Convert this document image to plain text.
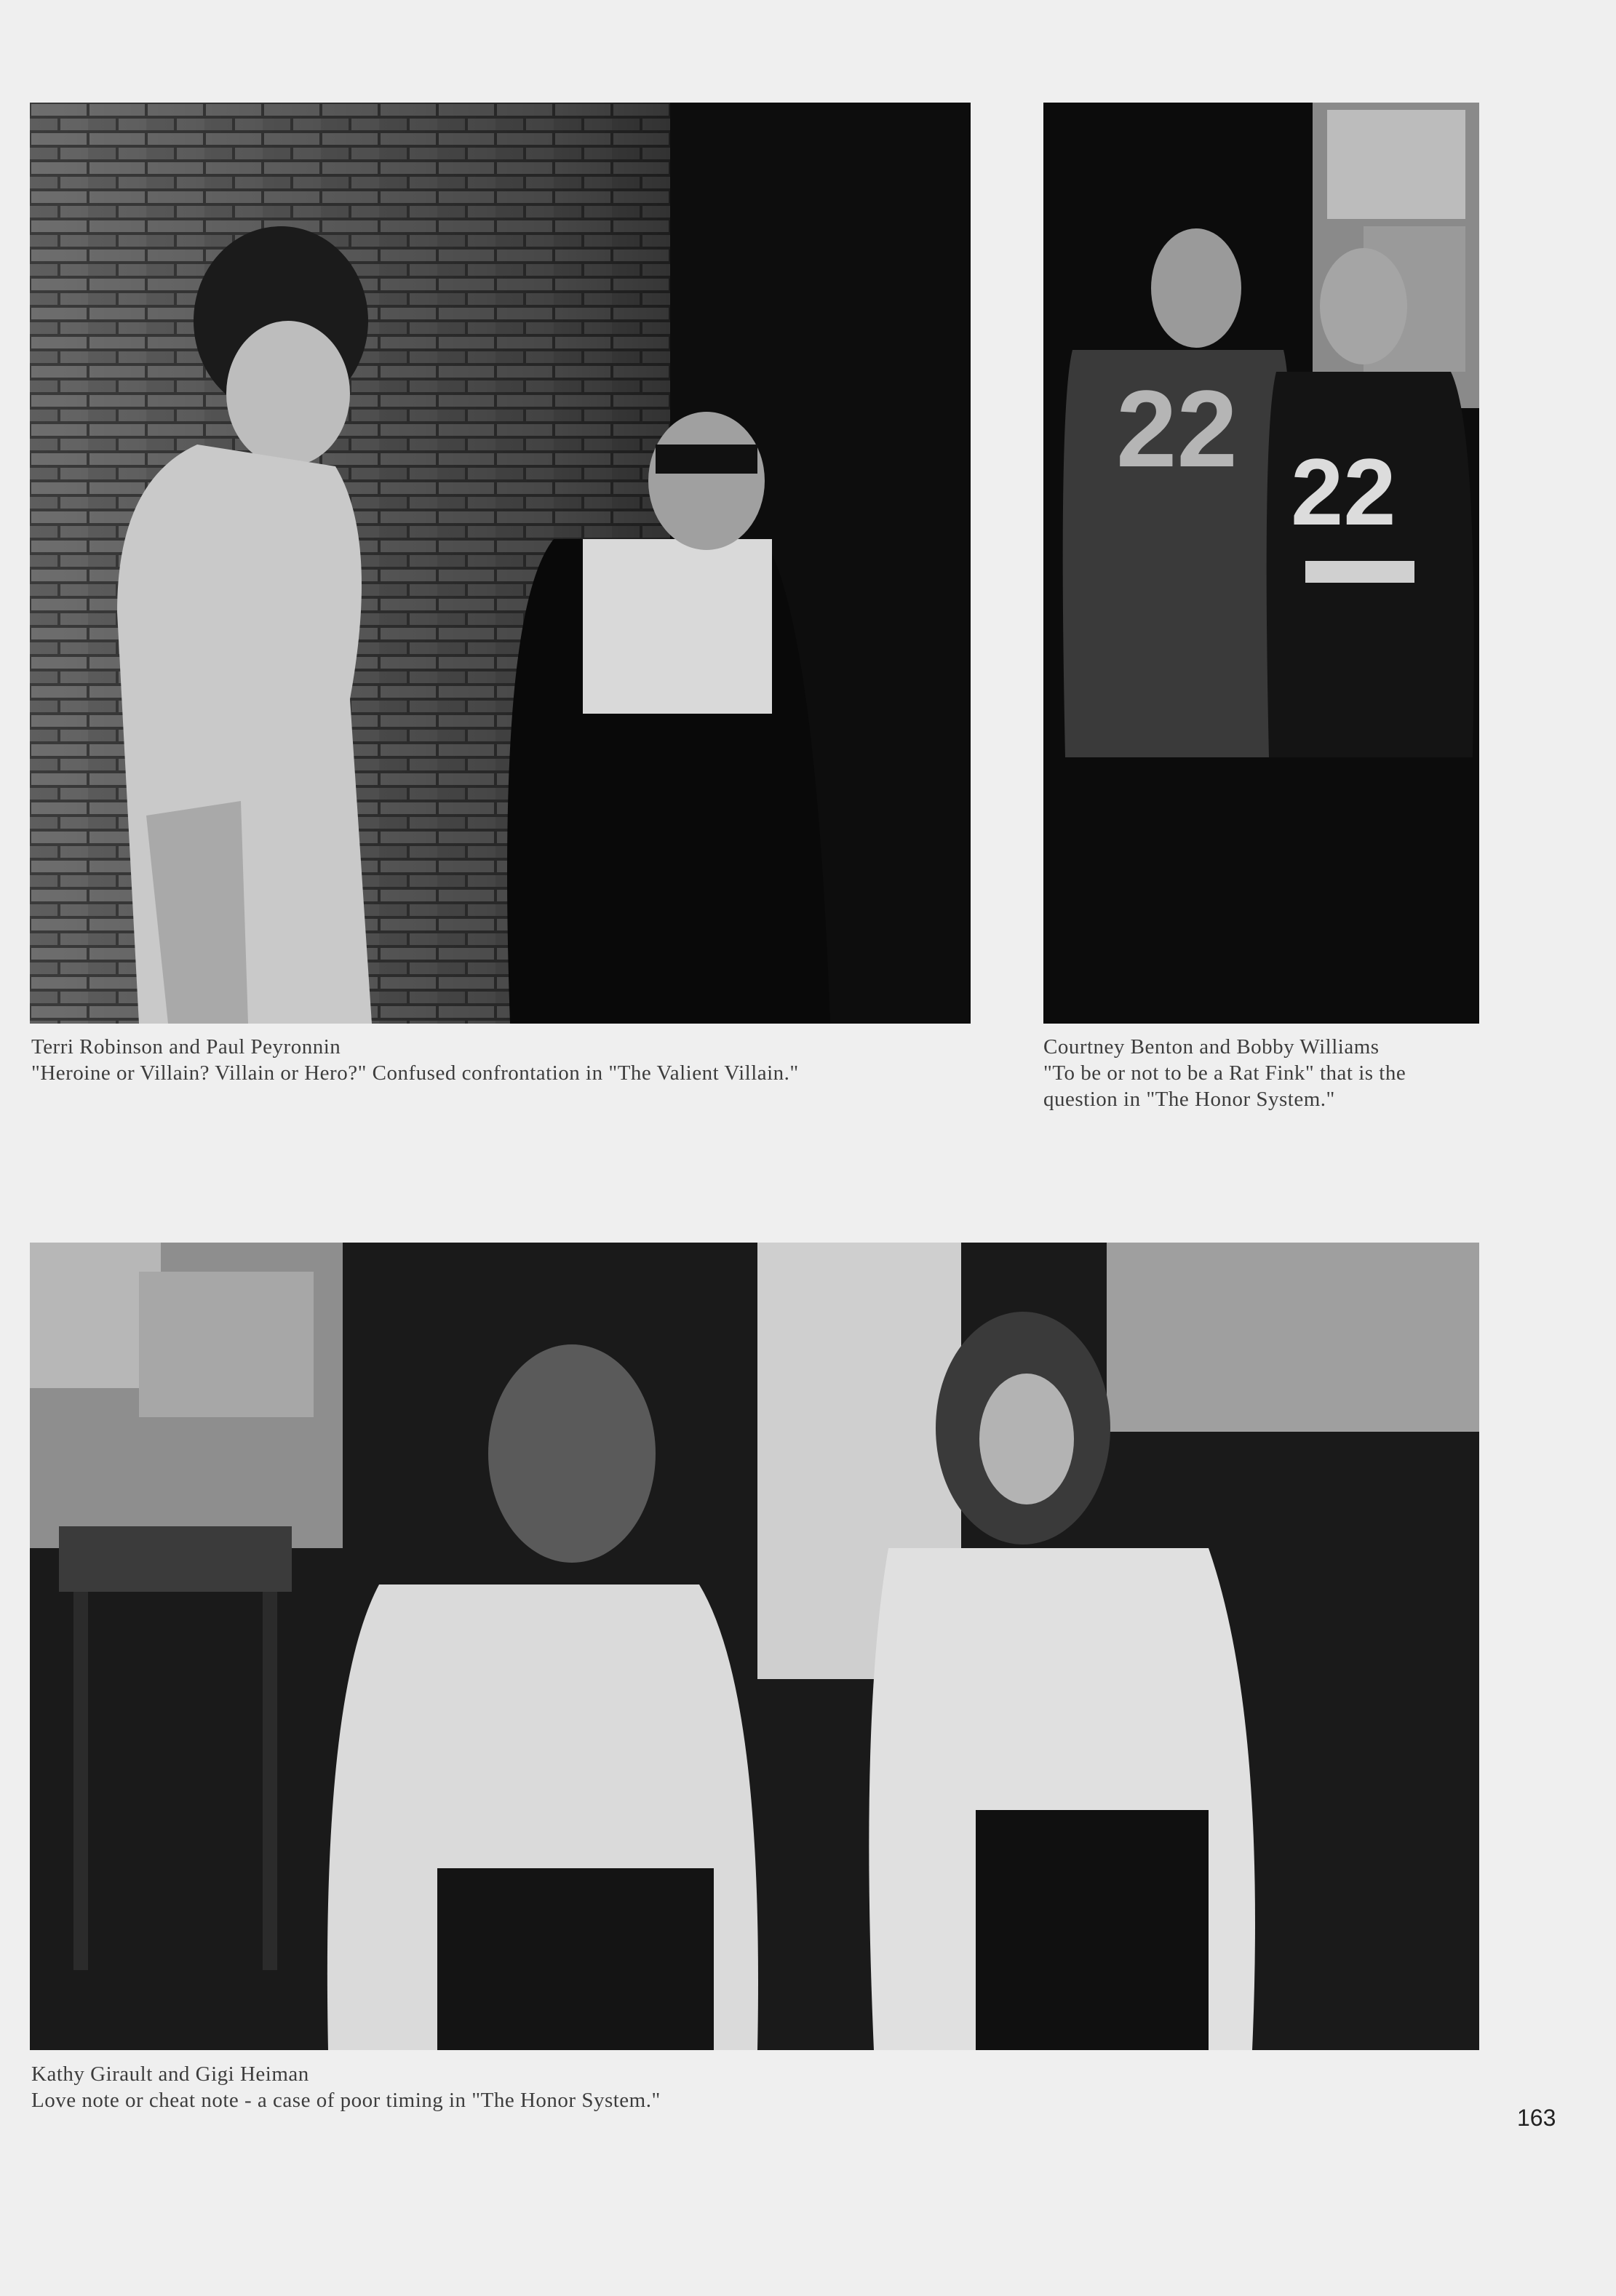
Terri Robinson and Paul Peyronnin
"Heroine or Villain? Villain or Hero?" Confused confrontation in "The Valient Villain."
22
22
Courtney Benton and Bobby Williams
"To be or not to be a Rat Fink" that is the
question in "The Honor System."
Kathy Girault and Gigi Heiman
Love note or cheat note - a case of poor timing in "The Honor System."
163
